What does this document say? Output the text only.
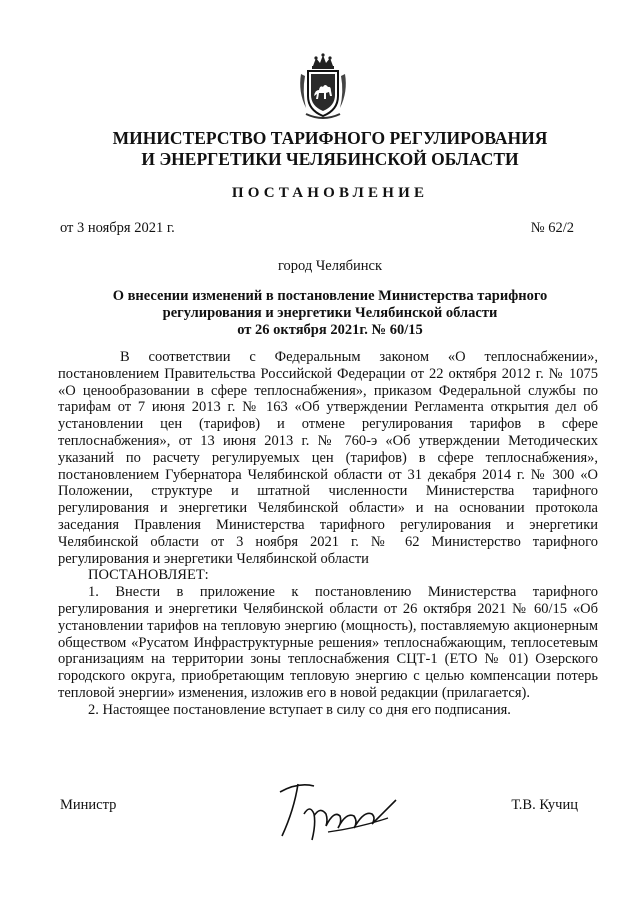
МИНИСТЕРСТВО ТАРИФНОГО РЕГУЛИРОВАНИЯ
И ЭНЕРГЕТИКИ ЧЕЛЯБИНСКОЙ ОБЛАСТИ
ПОСТАНОВЛЕНИЕ
от 3 ноября 2021 г.	№ 62/2
город Челябинск
О внесении изменений в постановление Министерства тарифного
регулирования и энергетики Челябинской области
от 26 октября 2021г. № 60/15

В соответствии с Федеральным законом «О теплоснабжении», постановлением Правительства Российской Федерации от 22 октября 2012 г. № 1075 «О ценообразовании в сфере теплоснабжения», приказом Федеральной службы по тарифам от 7 июня 2013 г. № 163 «Об утверждении Регламента открытия дел об установлении цен (тарифов) и отмене регулирования тарифов в сфере теплоснабжения», от 13 июня 2013 г. № 760-э «Об утверждении Методических указаний по расчету регулируемых цен (тарифов) в сфере теплоснабжения», постановлением Губернатора Челябинской области от 31 декабря 2014 г. № 300 «О Положении, структуре и штатной численности Министерства тарифного регулирования и энергетики Челябинской области» и на основании протокола заседания Правления Министерства тарифного регулирования и энергетики Челябинской области от 3 ноября 2021 г. № 62 Министерство тарифного регулирования и энергетики Челябинской области

ПОСТАНОВЛЯЕТ:

1. Внести в приложение к постановлению Министерства тарифного регулирования и энергетики Челябинской области от 26 октября 2021 № 60/15 «Об установлении тарифов на тепловую энергию (мощность), поставляемую акционерным обществом «Русатом Инфраструктурные решения» теплоснабжающим, теплосетевым организациям на территории зоны теплоснабжения СЦТ-1 (ЕТО № 01) Озерского городского округа, приобретающим тепловую энергию с целью компенсации потерь тепловой энергии» изменения, изложив его в новой редакции (прилагается).

2. Настоящее постановление вступает в силу со дня его подписания.

Министр	Т.В. Кучиц
